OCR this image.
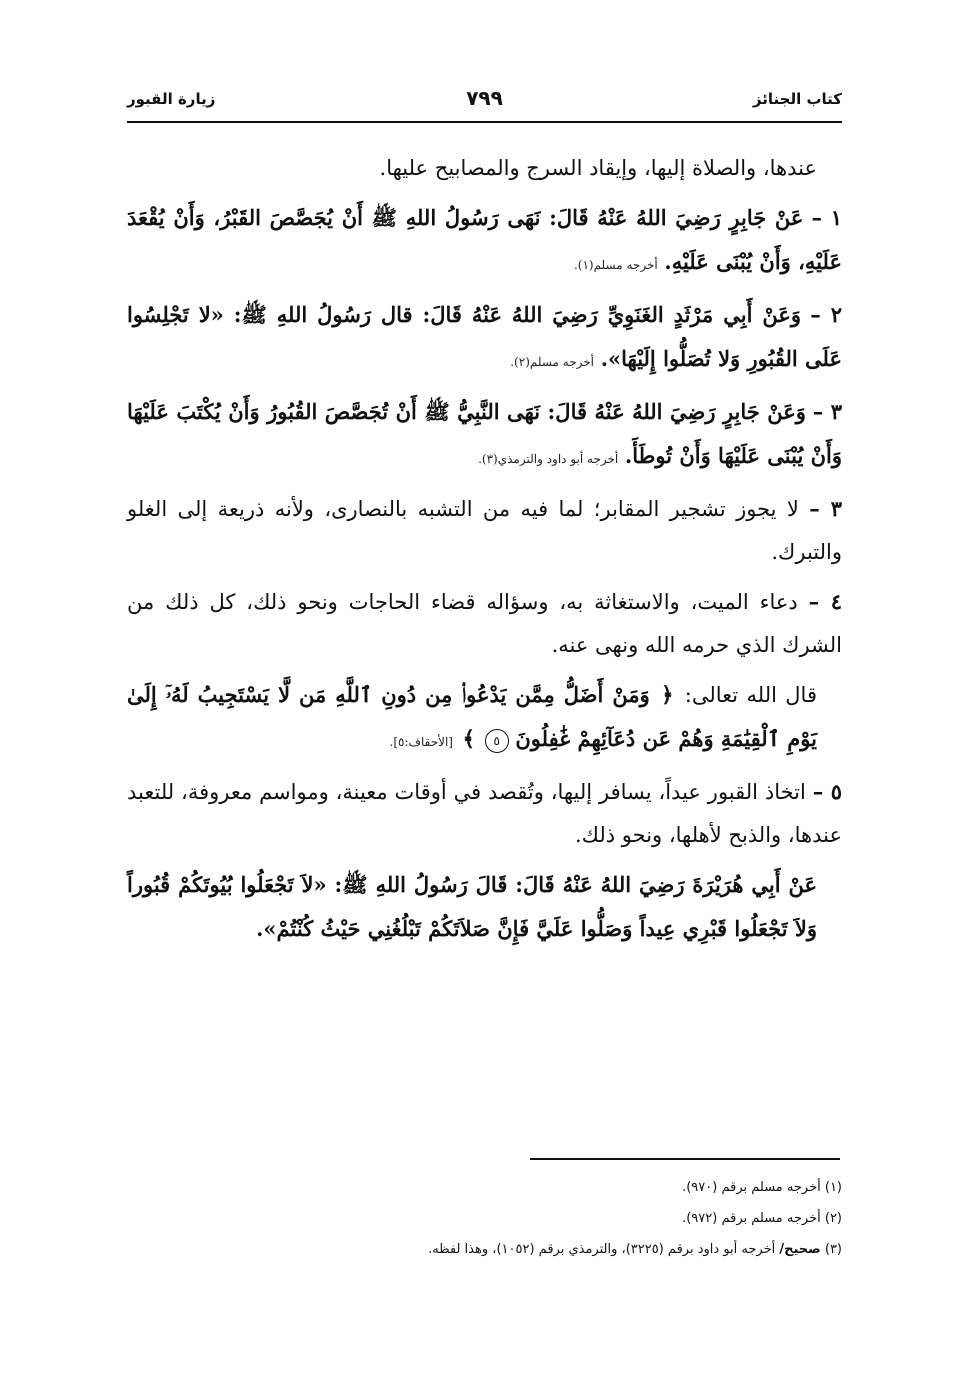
كتاب الجنائز
٧٩٩
زيارة القبور

عندها، والصلاة إليها، وإيقاد السرج والمصابيح عليها.

١ – عَنْ جَابِرٍ رَضِيَ اللهُ عَنْهُ قَالَ: نَهَى رَسُولُ اللهِ ﷺ أَنْ يُجَصَّصَ القَبْرُ، وَأَنْ يُقْعَدَ عَلَيْهِ، وَأَنْ يُبْنَى عَلَيْهِ. أخرجه مسلم(١).

٢ – وَعَنْ أَبِي مَرْثَدٍ الغَنَوِيِّ رَضِيَ اللهُ عَنْهُ قَالَ: قال رَسُولُ اللهِ ﷺ: «لا تَجْلِسُوا عَلَى القُبُورِ وَلا تُصَلُّوا إِلَيْهَا». أخرجه مسلم(٢).

٣ – وَعَنْ جَابِرٍ رَضِيَ اللهُ عَنْهُ قَالَ: نَهَى النَّبِيُّ ﷺ أَنْ تُجَصَّصَ القُبُورُ وَأَنْ يُكْتَبَ عَلَيْهَا وَأَنْ يُبْنَى عَلَيْهَا وَأَنْ تُوطَأَ. أخرجه أبو داود والترمذي(٣).

٣ – لا يجوز تشجير المقابر؛ لما فيه من التشبه بالنصارى، ولأنه ذريعة إلى الغلو والتبرك.

٤ – دعاء الميت، والاستغاثة به، وسؤاله قضاء الحاجات ونحو ذلك، كل ذلك من الشرك الذي حرمه الله ونهى عنه.

قال الله تعالى: ﴿ وَمَنْ أَضَلُّ مِمَّن يَدْعُوا۟ مِن دُونِ ٱللَّهِ مَن لَّا يَسْتَجِيبُ لَهُۥٓ إِلَىٰ يَوْمِ ٱلْقِيَٰمَةِ وَهُمْ عَن دُعَآئِهِمْ غَٰفِلُونَ ٥ ﴾ [الأحقاف:٥].

٥ – اتخاذ القبور عيداً، يسافر إليها، وتُقصد في أوقات معينة، ومواسم معروفة، للتعبد عندها، والذبح لأهلها، ونحو ذلك.

عَنْ أَبِي هُرَيْرَةَ رَضِيَ اللهُ عَنْهُ قَالَ: قَالَ رَسُولُ اللهِ ﷺ: «لاَ تَجْعَلُوا بُيُوتَكُمْ قُبُوراً وَلاَ تَجْعَلُوا قَبْرِي عِيداً وَصَلُّوا عَلَيَّ فَإِنَّ صَلاَتَكُمْ تَبْلُغُنِي حَيْثُ كُنْتُمْ».

(١) أخرجه مسلم برقم (٩٧٠).
(٢) أخرجه مسلم برقم (٩٧٢).
(٣) صحيح/ أخرجه أبو داود برقم (٣٢٢٥)، والترمذي برقم (١٠٥٢)، وهذا لفظه.
